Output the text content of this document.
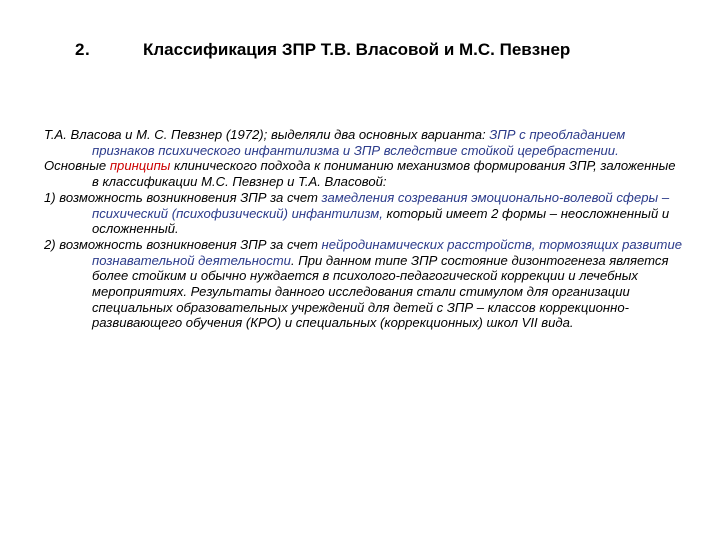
2.	Классификация ЗПР Т.В. Власовой и М.С. Певзнер

Т.А. Власова и М. С. Певзнер (1972); выделяли два основных варианта: ЗПР с преобладанием признаков психического инфантилизма и ЗПР вследствие стойкой церебрастении.

Основные принципы клинического подхода к пониманию механизмов формирования ЗПР, заложенные в классификации М.С. Певзнер и Т.А. Власовой:

1) возможность возникновения ЗПР за счет замедления созревания эмоционально-волевой сферы – психический (психофизический) инфантилизм, который имеет 2 формы – неосложненный и осложненный.

2) возможность возникновения ЗПР за счет нейродинамических расстройств, тормозящих развитие познавательной деятельности. При данном типе ЗПР состояние дизонтогенеза является более стойким и обычно нуждается в психолого-педагогической коррекции и лечебных мероприятиях. Результаты данного исследования стали стимулом для организации специальных образовательных учреждений для детей с ЗПР – классов коррекционно-развивающего обучения (КРО) и специальных (коррекционных) школ VII вида.
